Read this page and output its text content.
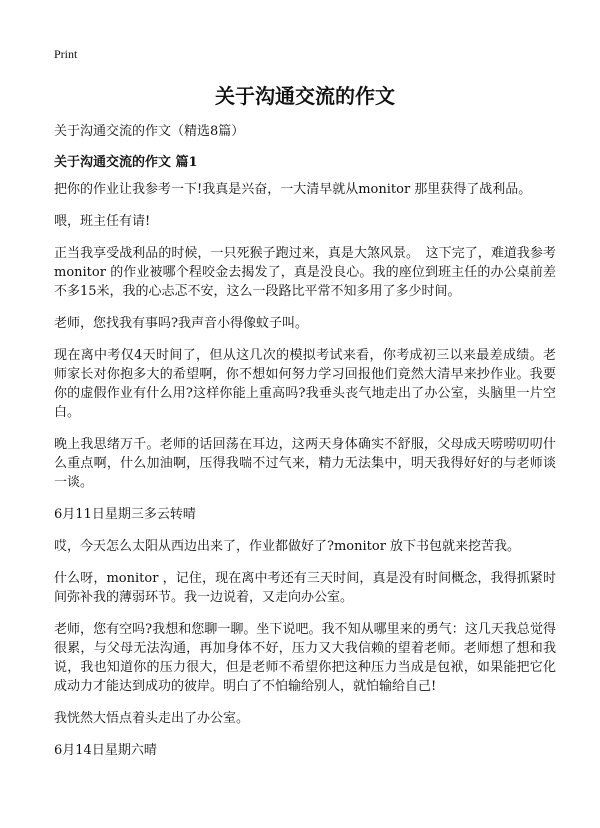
Print
关于沟通交流的作文
关于沟通交流的作文（精选8篇）
关于沟通交流的作文 篇1

把你的作业让我参考一下!我真是兴奋，一大清早就从monitor 那里获得了战利品。

喂，班主任有请!

正当我享受战利品的时候，一只死猴子跑过来，真是大煞风景。　这下完了，难道我参考monitor 的作业被哪个程咬金去揭发了，真是没良心。我的座位到班主任的办公桌前差不多15米，我的心忐忑不安，这么一段路比平常不知多用了多少时间。

老师，您找我有事吗?我声音小得像蚊子叫。

现在离中考仅4天时间了，但从这几次的模拟考试来看，你考成初三以来最差成绩。老师家长对你抱多大的希望啊，你不想如何努力学习回报他们竟然大清早来抄作业。我要你的虚假作业有什么用?这样你能上重高吗?我垂头丧气地走出了办公室，头脑里一片空白。

晚上我思绪万千。老师的话回荡在耳边，这两天身体确实不舒服，父母成天唠唠叨叨什么重点啊，什么加油啊，压得我喘不过气来，精力无法集中，明天我得好好的与老师谈一谈。

6月11日星期三多云转晴

哎，今天怎么太阳从西边出来了，作业都做好了?monitor 放下书包就来挖苦我。

什么呀，monitor ，记住，现在离中考还有三天时间，真是没有时间概念，我得抓紧时间弥补我的薄弱环节。我一边说着，又走向办公室。

老师，您有空吗?我想和您聊一聊。坐下说吧。我不知从哪里来的勇气：这几天我总觉得很累，与父母无法沟通，再加身体不好，压力又大我信赖的望着老师。老师想了想和我说，我也知道你的压力很大，但是老师不希望你把这种压力当成是包袱，如果能把它化成动力才能达到成功的彼岸。明白了不怕输给别人，就怕输给自己!

我恍然大悟点着头走出了办公室。

6月14日星期六晴
